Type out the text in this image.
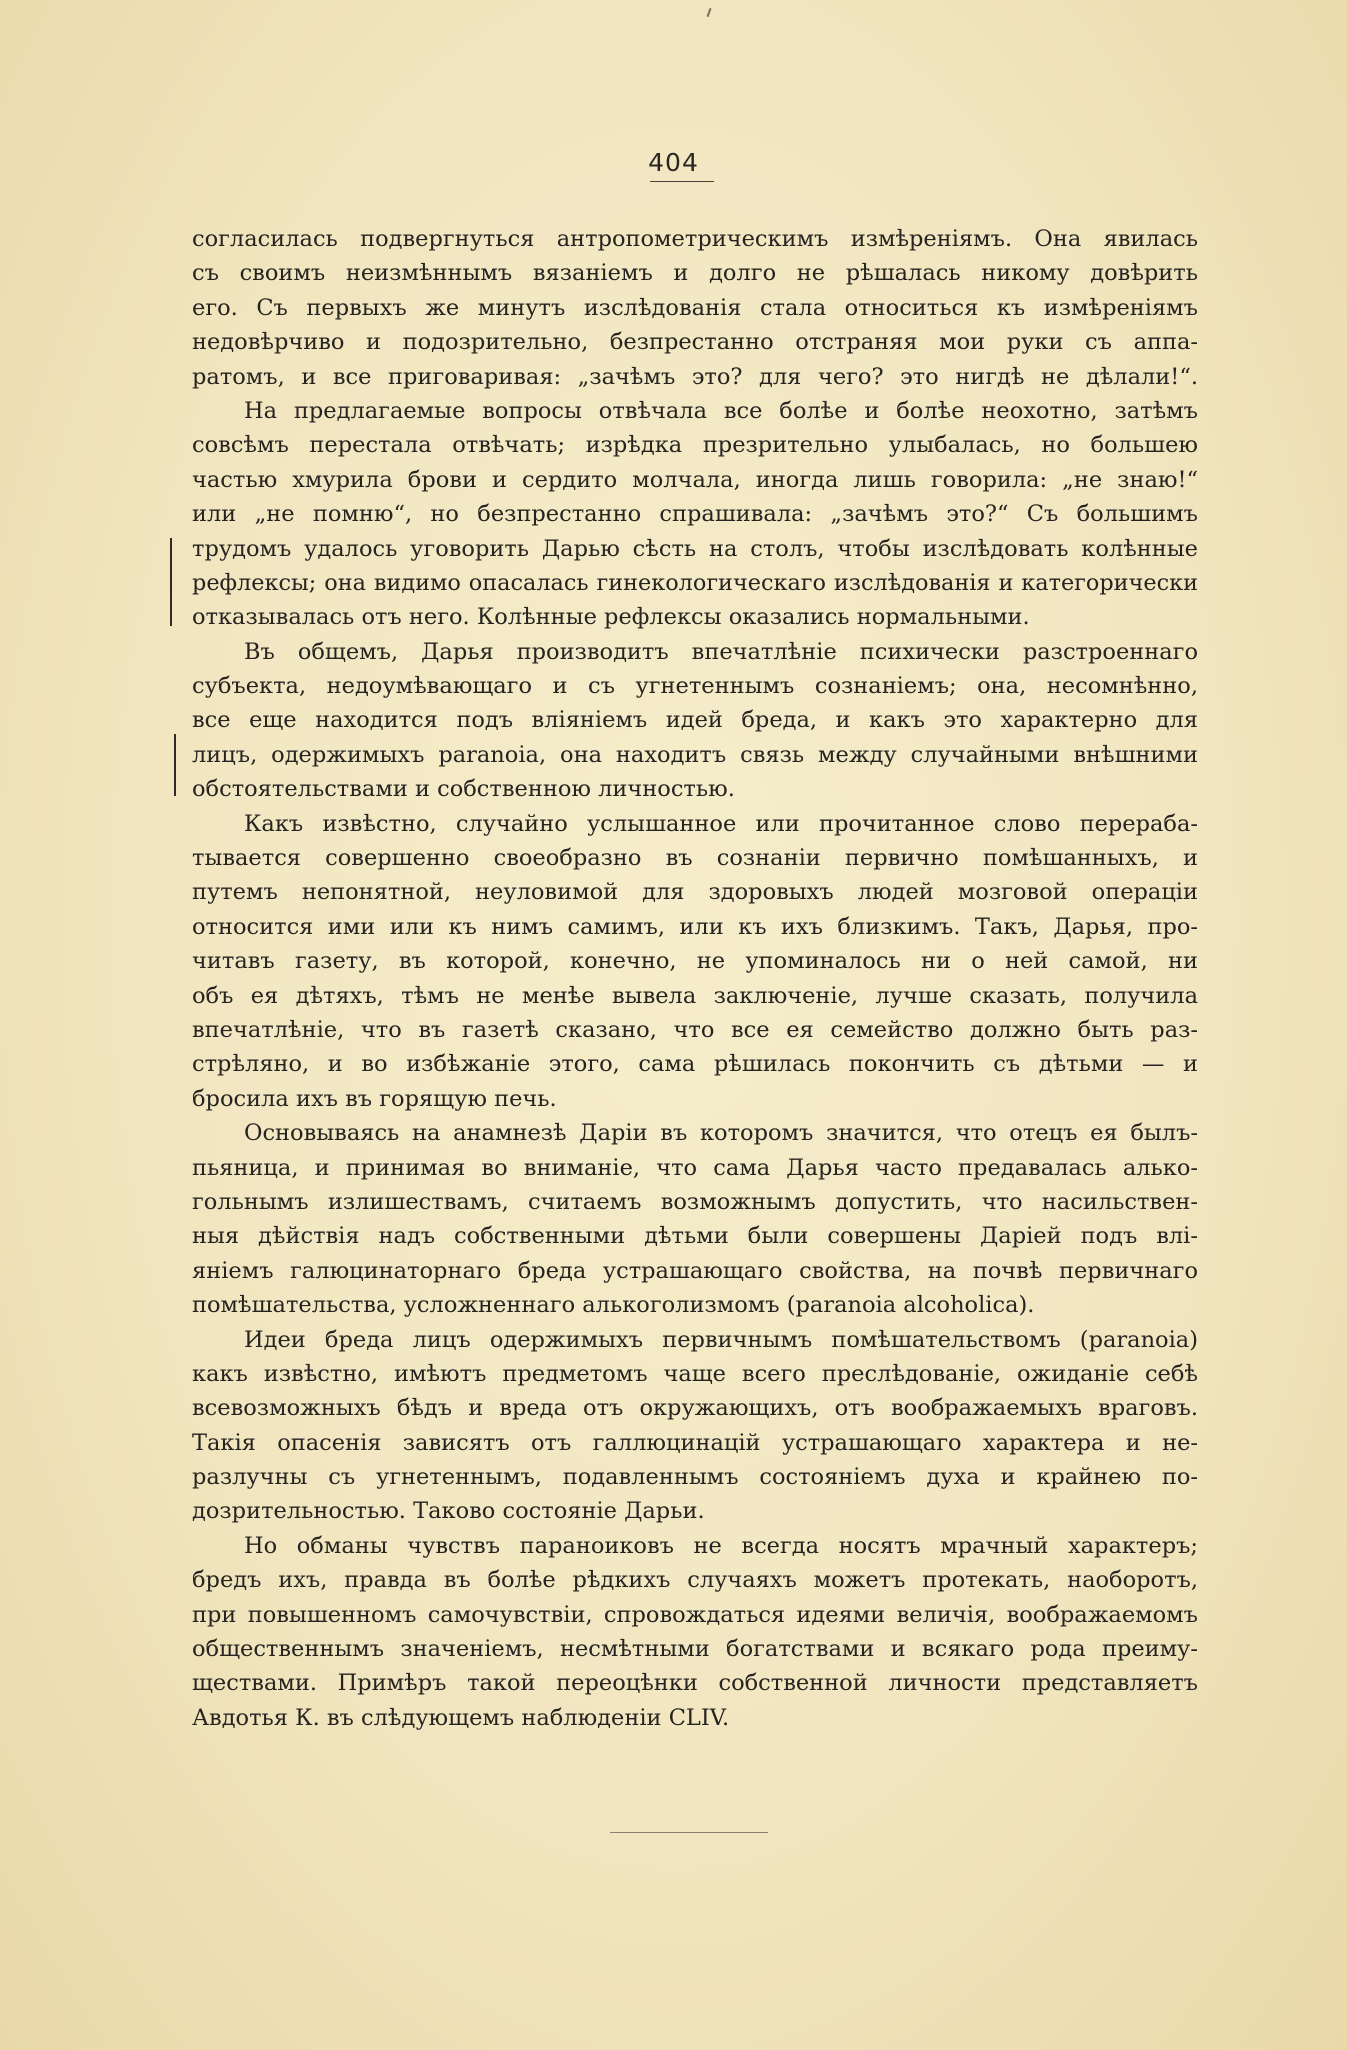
404
согласилась подвергнуться антропометрическимъ измѣреніямъ. Она явилась
съ своимъ неизмѣннымъ вязаніемъ и долго не рѣшалась никому довѣрить
его. Съ первыхъ же минутъ изслѣдованія стала относиться къ измѣреніямъ
недовѣрчиво и подозрительно, безпрестанно отстраняя мои руки съ аппа-
ратомъ, и все приговаривая: „зачѣмъ это? для чего? это нигдѣ не дѣлали!“.
На предлагаемые вопросы отвѣчала все болѣе и болѣе неохотно, затѣмъ
совсѣмъ перестала отвѣчать; изрѣдка презрительно улыбалась, но большею
частью хмурила брови и сердито молчала, иногда лишь говорила: „не знаю!“
или „не помню“, но безпрестанно спрашивала: „зачѣмъ это?“ Съ большимъ
трудомъ удалось уговорить Дарью сѣсть на столъ, чтобы изслѣдовать колѣнные
рефлексы; она видимо опасалась гинекологическаго изслѣдованія и категорически
отказывалась отъ него. Колѣнные рефлексы оказались нормальными.
Въ общемъ, Дарья производитъ впечатлѣніе психически разстроеннаго
субъекта, недоумѣвающаго и съ угнетеннымъ сознаніемъ; она, несомнѣнно,
все еще находится подъ вліяніемъ идей бреда, и какъ это характерно для
лицъ, одержимыхъ paranoia, она находитъ связь между случайными внѣшними
обстоятельствами и собственною личностью.
Какъ извѣстно, случайно услышанное или прочитанное слово перераба-
тывается совершенно своеобразно въ сознаніи первично помѣшанныхъ, и
путемъ непонятной, неуловимой для здоровыхъ людей мозговой операціи
относится ими или къ нимъ самимъ, или къ ихъ близкимъ. Такъ, Дарья, про-
читавъ газету, въ которой, конечно, не упоминалось ни о ней самой, ни
объ ея дѣтяхъ, тѣмъ не менѣе вывела заключеніе, лучше сказать, получила
впечатлѣніе, что въ газетѣ сказано, что все ея семейство должно быть раз-
стрѣляно, и во избѣжаніе этого, сама рѣшилась покончить съ дѣтьми — и
бросила ихъ въ горящую печь.
Основываясь на анамнезѣ Даріи въ которомъ значится, что отецъ ея былъ-
пьяница, и принимая во вниманіе, что сама Дарья часто предавалась алько-
гольнымъ излишествамъ, считаемъ возможнымъ допустить, что насильствен-
ныя дѣйствія надъ собственными дѣтьми были совершены Даріей подъ влі-
яніемъ галюцинаторнаго бреда устрашающаго свойства, на почвѣ первичнаго
помѣшательства, усложненнаго алькоголизмомъ (paranoia alcoholica).
Идеи бреда лицъ одержимыхъ первичнымъ помѣшательствомъ (paranoia)
какъ извѣстно, имѣютъ предметомъ чаще всего преслѣдованіе, ожиданіе себѣ
всевозможныхъ бѣдъ и вреда отъ окружающихъ, отъ воображаемыхъ враговъ.
Такія опасенія зависятъ отъ галлюцинацій устрашающаго характера и не-
разлучны съ угнетеннымъ, подавленнымъ состояніемъ духа и крайнею по-
дозрительностью. Таково состояніе Дарьи.
Но обманы чувствъ параноиковъ не всегда носятъ мрачный характеръ;
бредъ ихъ, правда въ болѣе рѣдкихъ случаяхъ можетъ протекать, наоборотъ,
при повышенномъ самочувствіи, спровождаться идеями величія, воображаемомъ
общественнымъ значеніемъ, несмѣтными богатствами и всякаго рода преиму-
ществами. Примѣръ такой переоцѣнки собственной личности представляетъ
Авдотья К. въ слѣдующемъ наблюденіи CLIV.
